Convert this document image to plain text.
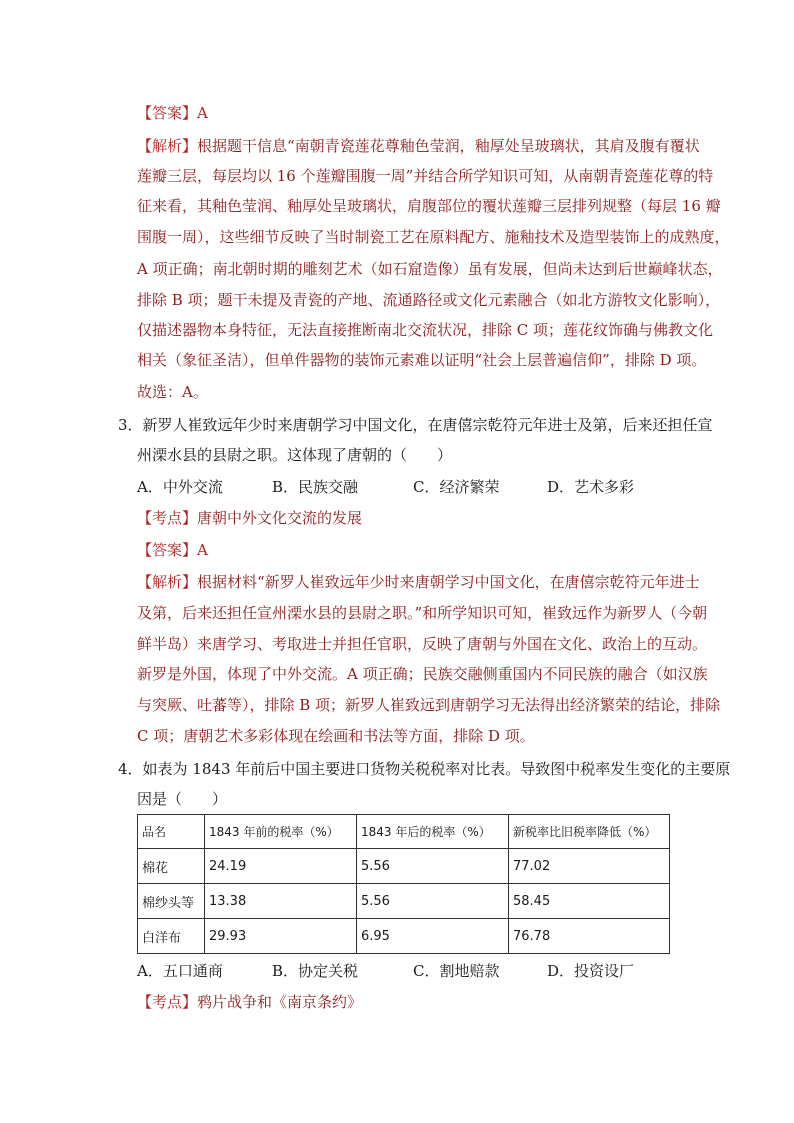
【答案】A
【解析】根据题干信息“南朝青瓷莲花尊釉色莹润，釉厚处呈玻璃状，其肩及腹有覆状
莲瓣三层，每层均以 16 个莲瓣围腹一周”并结合所学知识可知，从南朝青瓷莲花尊的特
征来看，其釉色莹润、釉厚处呈玻璃状，肩腹部位的覆状莲瓣三层排列规整（每层 16 瓣
围腹一周），这些细节反映了当时制瓷工艺在原料配方、施釉技术及造型装饰上的成熟度，
A 项正确；南北朝时期的雕刻艺术（如石窟造像）虽有发展，但尚未达到后世巅峰状态，
排除 B 项；题干未提及青瓷的产地、流通路径或文化元素融合（如北方游牧文化影响），
仅描述器物本身特征，无法直接推断南北交流状况，排除 C 项；莲花纹饰确与佛教文化
相关（象征圣洁），但单件器物的装饰元素难以证明“社会上层普遍信仰”，排除 D 项。
故选：A。
3．新罗人崔致远年少时来唐朝学习中国文化，在唐僖宗乾符元年进士及第，后来还担任宣
州溧水县的县尉之职。这体现了唐朝的（　　）
A．中外交流	B．民族交融	C．经济繁荣	D．艺术多彩
【考点】唐朝中外文化交流的发展
【答案】A
【解析】根据材料“新罗人崔致远年少时来唐朝学习中国文化，在唐僖宗乾符元年进士
及第，后来还担任宣州溧水县的县尉之职。”和所学知识可知，崔致远作为新罗人（今朝
鲜半岛）来唐学习、考取进士并担任官职，反映了唐朝与外国在文化、政治上的互动。
新罗是外国，体现了中外交流。A 项正确；民族交融侧重国内不同民族的融合（如汉族
与突厥、吐蕃等），排除 B 项；新罗人崔致远到唐朝学习无法得出经济繁荣的结论，排除
C 项；唐朝艺术多彩体现在绘画和书法等方面，排除 D 项。
4．如表为 1843 年前后中国主要进口货物关税税率对比表。导致图中税率发生变化的主要原
因是（　　）
品名	1843 年前的税率（%）	1843 年后的税率（%）	新税率比旧税率降低（%）
棉花	24.19	5.56	77.02
棉纱头等	13.38	5.56	58.45
白洋布	29.93	6.95	76.78
A．五口通商	B．协定关税	C．割地赔款	D．投资设厂
【考点】鸦片战争和《南京条约》
